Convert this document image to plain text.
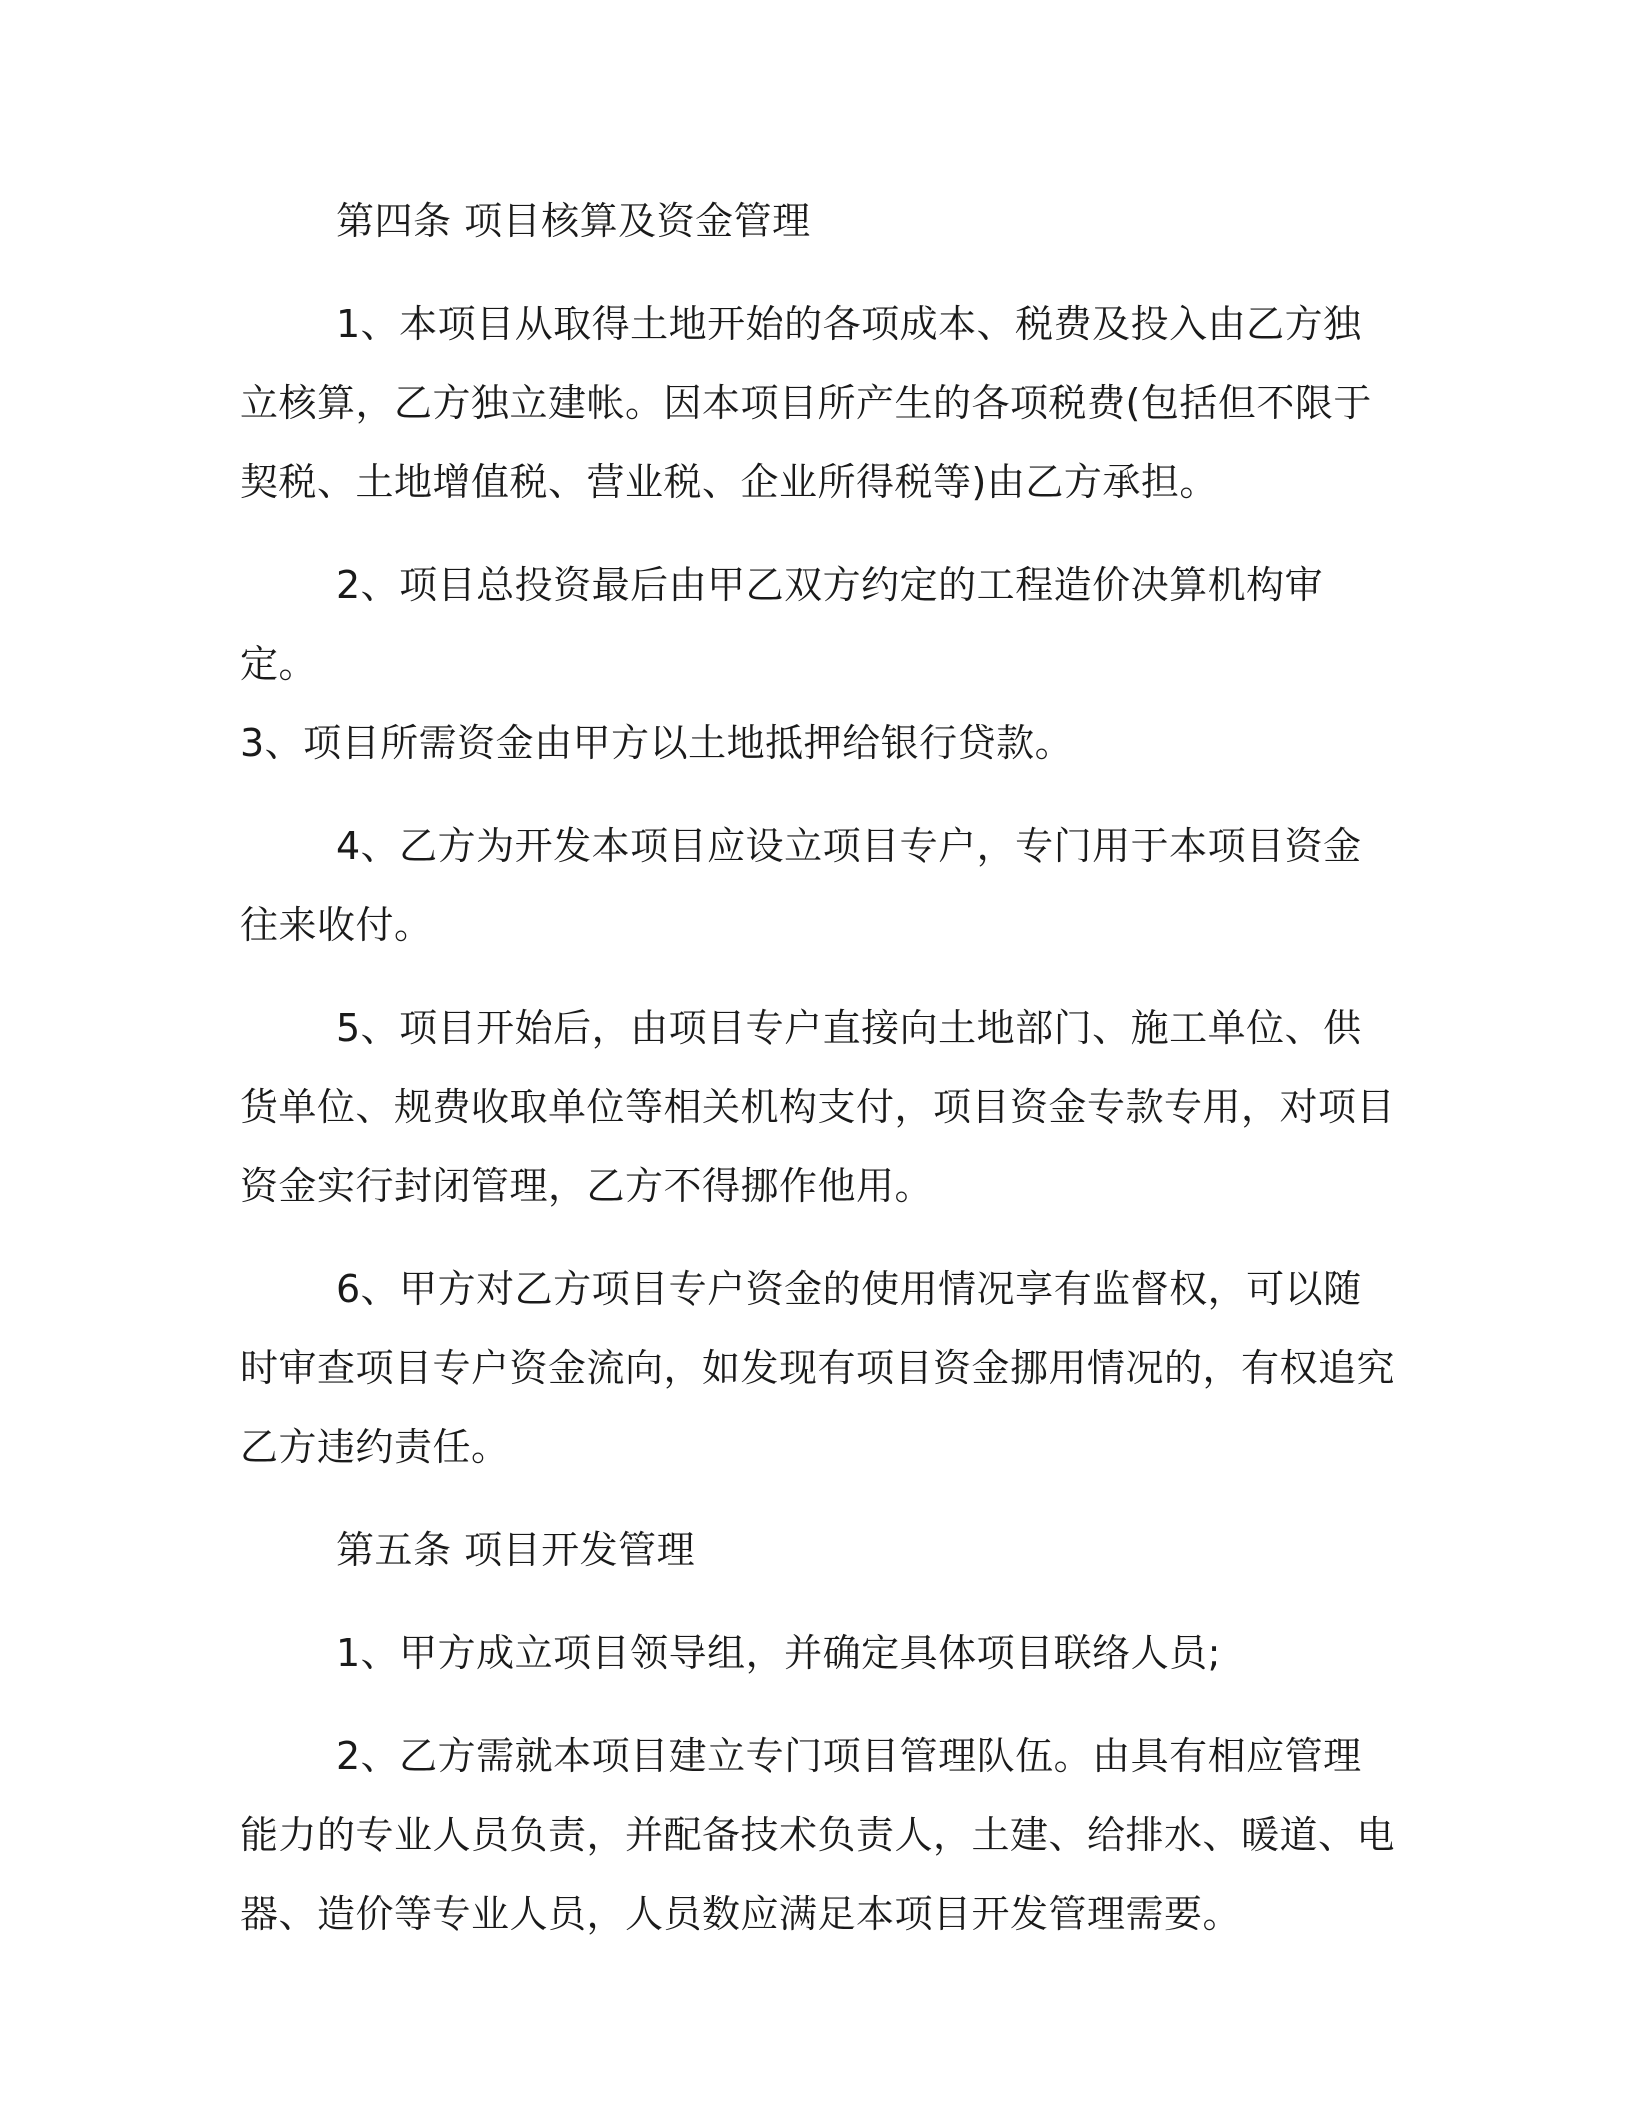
第四条 项目核算及资金管理

1、本项目从取得土地开始的各项成本、税费及投入由乙方独立核算，乙方独立建帐。因本项目所产生的各项税费(包括但不限于契税、土地增值税、营业税、企业所得税等)由乙方承担。

2、项目总投资最后由甲乙双方约定的工程造价决算机构审定。

3、项目所需资金由甲方以土地抵押给银行贷款。

4、乙方为开发本项目应设立项目专户，专门用于本项目资金往来收付。

5、项目开始后，由项目专户直接向土地部门、施工单位、供货单位、规费收取单位等相关机构支付，项目资金专款专用，对项目资金实行封闭管理，乙方不得挪作他用。

6、甲方对乙方项目专户资金的使用情况享有监督权，可以随时审查项目专户资金流向，如发现有项目资金挪用情况的，有权追究乙方违约责任。

第五条 项目开发管理

1、甲方成立项目领导组，并确定具体项目联络人员;

2、乙方需就本项目建立专门项目管理队伍。由具有相应管理能力的专业人员负责，并配备技术负责人，土建、给排水、暖道、电器、造价等专业人员，人员数应满足本项目开发管理需要。
